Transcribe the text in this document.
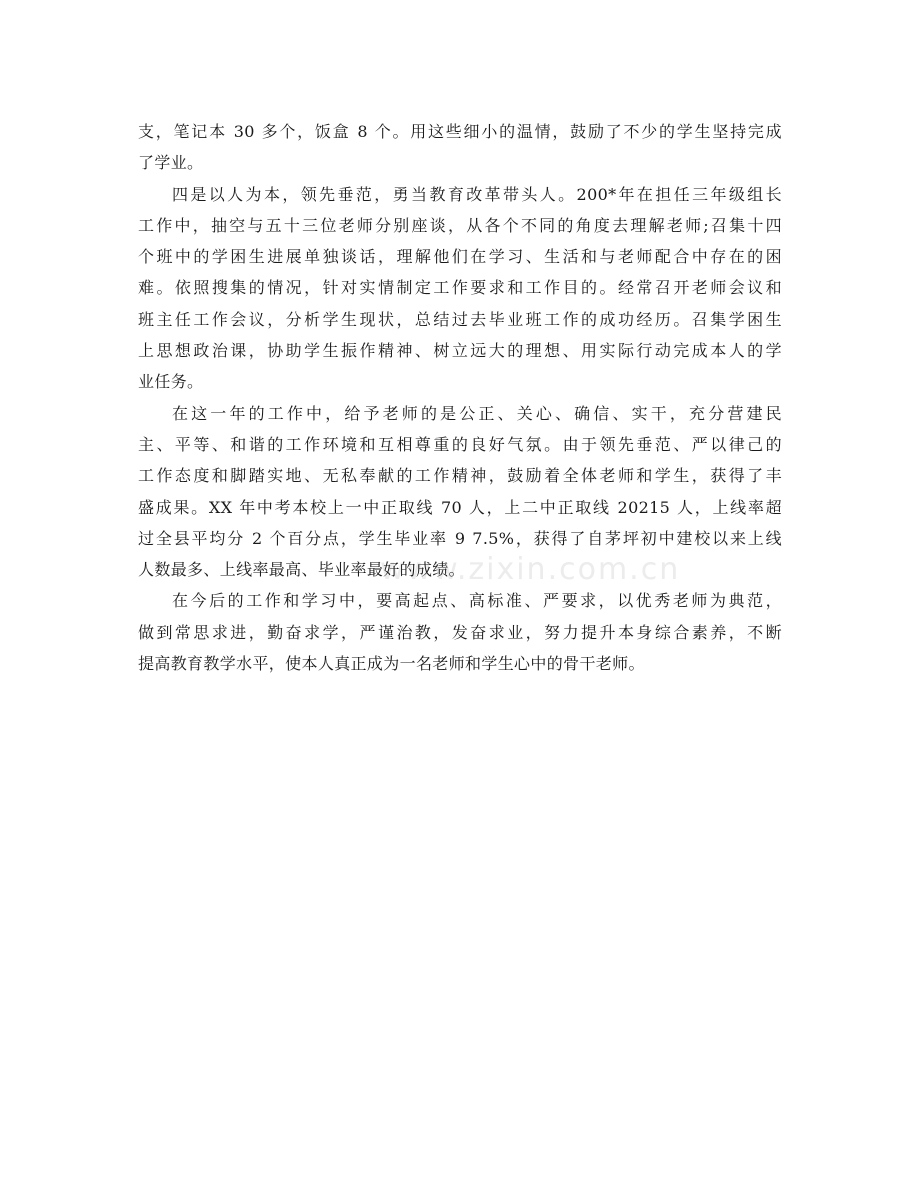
www.zixin.com.cn

支，笔记本 30 多个，饭盒 8 个。用这些细小的温情，鼓励了不少的学生坚持完成
了学业。

四是以人为本，领先垂范，勇当教育改革带头人。200*年在担任三年级组长
工作中，抽空与五十三位老师分别座谈，从各个不同的角度去理解老师;召集十四
个班中的学困生进展单独谈话，理解他们在学习、生活和与老师配合中存在的困
难。依照搜集的情况，针对实情制定工作要求和工作目的。经常召开老师会议和
班主任工作会议，分析学生现状，总结过去毕业班工作的成功经历。召集学困生
上思想政治课，协助学生振作精神、树立远大的理想、用实际行动完成本人的学
业任务。

在这一年的工作中，给予老师的是公正、关心、确信、实干，充分营建民
主、平等、和谐的工作环境和互相尊重的良好气氛。由于领先垂范、严以律己的
工作态度和脚踏实地、无私奉献的工作精神，鼓励着全体老师和学生，获得了丰
盛成果。XX 年中考本校上一中正取线 70 人，上二中正取线 20215 人，上线率超
过全县平均分 2 个百分点，学生毕业率 9 7.5%，获得了自茅坪初中建校以来上线
人数最多、上线率最高、毕业率最好的成绩。

在今后的工作和学习中，要高起点、高标准、严要求，以优秀老师为典范，
做到常思求进，勤奋求学，严谨治教，发奋求业，努力提升本身综合素养，不断
提高教育教学水平，使本人真正成为一名老师和学生心中的骨干老师。
